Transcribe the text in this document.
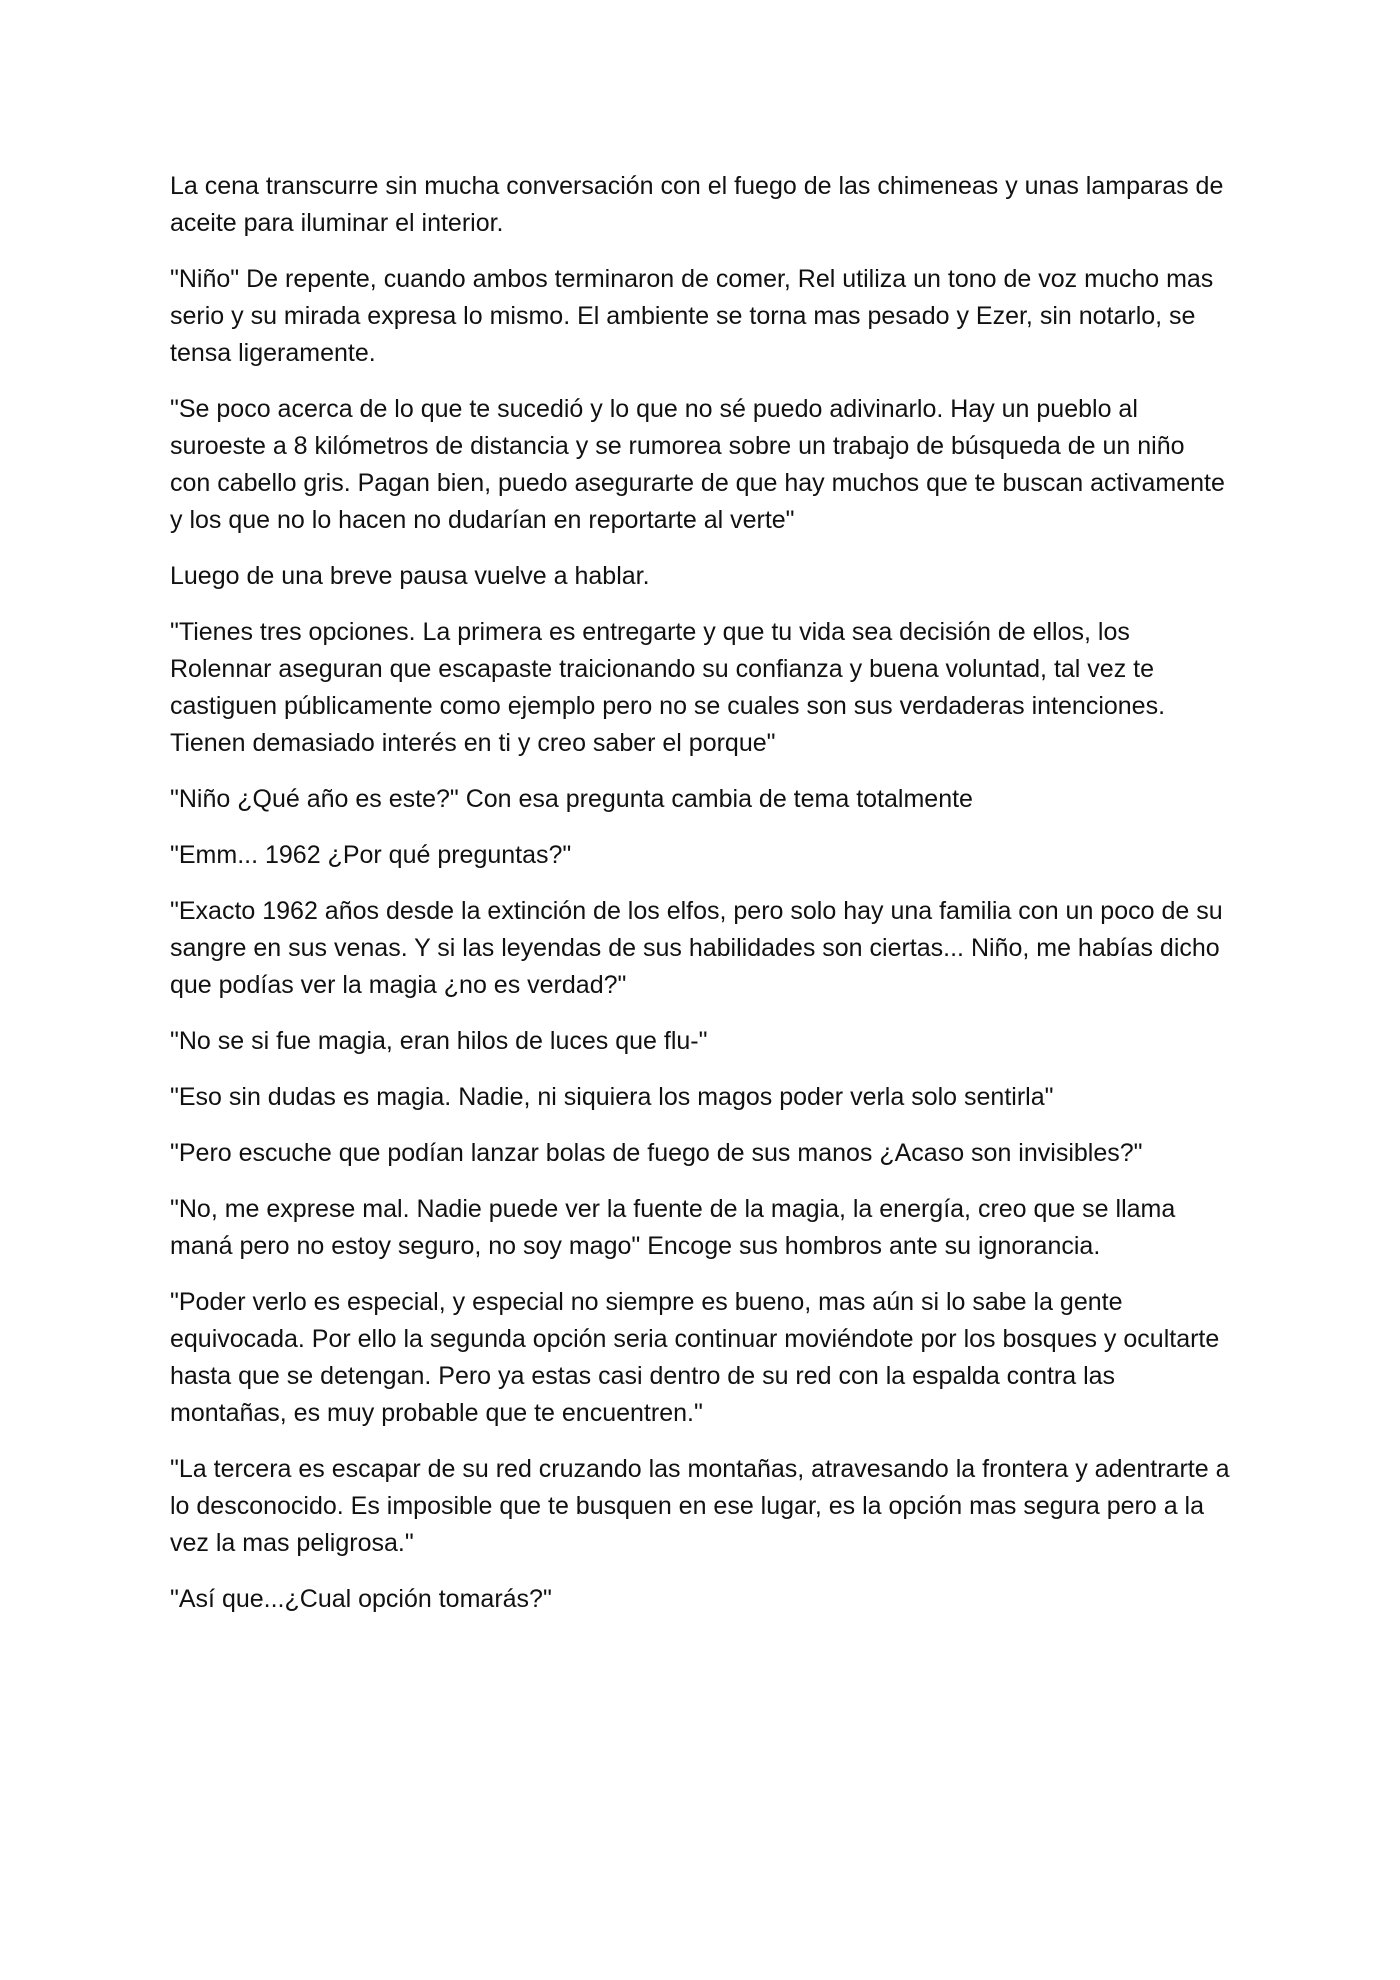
La cena transcurre sin mucha conversación con el fuego de las chimeneas y unas lamparas de aceite para iluminar el interior.

"Niño" De repente, cuando ambos terminaron de comer, Rel utiliza un tono de voz mucho mas serio y su mirada expresa lo mismo. El ambiente se torna mas pesado y Ezer, sin notarlo, se tensa ligeramente.

"Se poco acerca de lo que te sucedió y lo que no sé puedo adivinarlo. Hay un pueblo al suroeste a 8 kilómetros de distancia y se rumorea sobre un trabajo de búsqueda de un niño con cabello gris. Pagan bien, puedo asegurarte de que hay muchos que te buscan activamente y los que no lo hacen no dudarían en reportarte al verte"

Luego de una breve pausa vuelve a hablar.

"Tienes tres opciones. La primera es entregarte y que tu vida sea decisión de ellos, los Rolennar aseguran que escapaste traicionando su confianza y buena voluntad, tal vez te castiguen públicamente como ejemplo pero no se cuales son sus verdaderas intenciones. Tienen demasiado interés en ti y creo saber el porque"

"Niño ¿Qué año es este?" Con esa pregunta cambia de tema totalmente

"Emm... 1962 ¿Por qué preguntas?"

"Exacto 1962 años desde la extinción de los elfos, pero solo hay una familia con un poco de su sangre en sus venas. Y si las leyendas de sus habilidades son ciertas... Niño, me habías dicho que podías ver la magia ¿no es verdad?"

"No se si fue magia, eran hilos de luces que flu-"

"Eso sin dudas es magia. Nadie, ni siquiera los magos poder verla solo sentirla"

"Pero escuche que podían lanzar bolas de fuego de sus manos ¿Acaso son invisibles?"

"No, me exprese mal. Nadie puede ver la fuente de la magia, la energía, creo que se llama maná pero no estoy seguro, no soy mago" Encoge sus hombros ante su ignorancia.

"Poder verlo es especial, y especial no siempre es bueno, mas aún si lo sabe la gente equivocada. Por ello la segunda opción seria continuar moviéndote por los bosques y ocultarte hasta que se detengan. Pero ya estas casi dentro de su red con la espalda contra las montañas, es muy probable que te encuentren."

"La tercera es escapar de su red cruzando las montañas, atravesando la frontera y adentrarte a lo desconocido. Es imposible que te busquen en ese lugar, es la opción mas segura pero a la vez la mas peligrosa."

"Así que...¿Cual opción tomarás?"
